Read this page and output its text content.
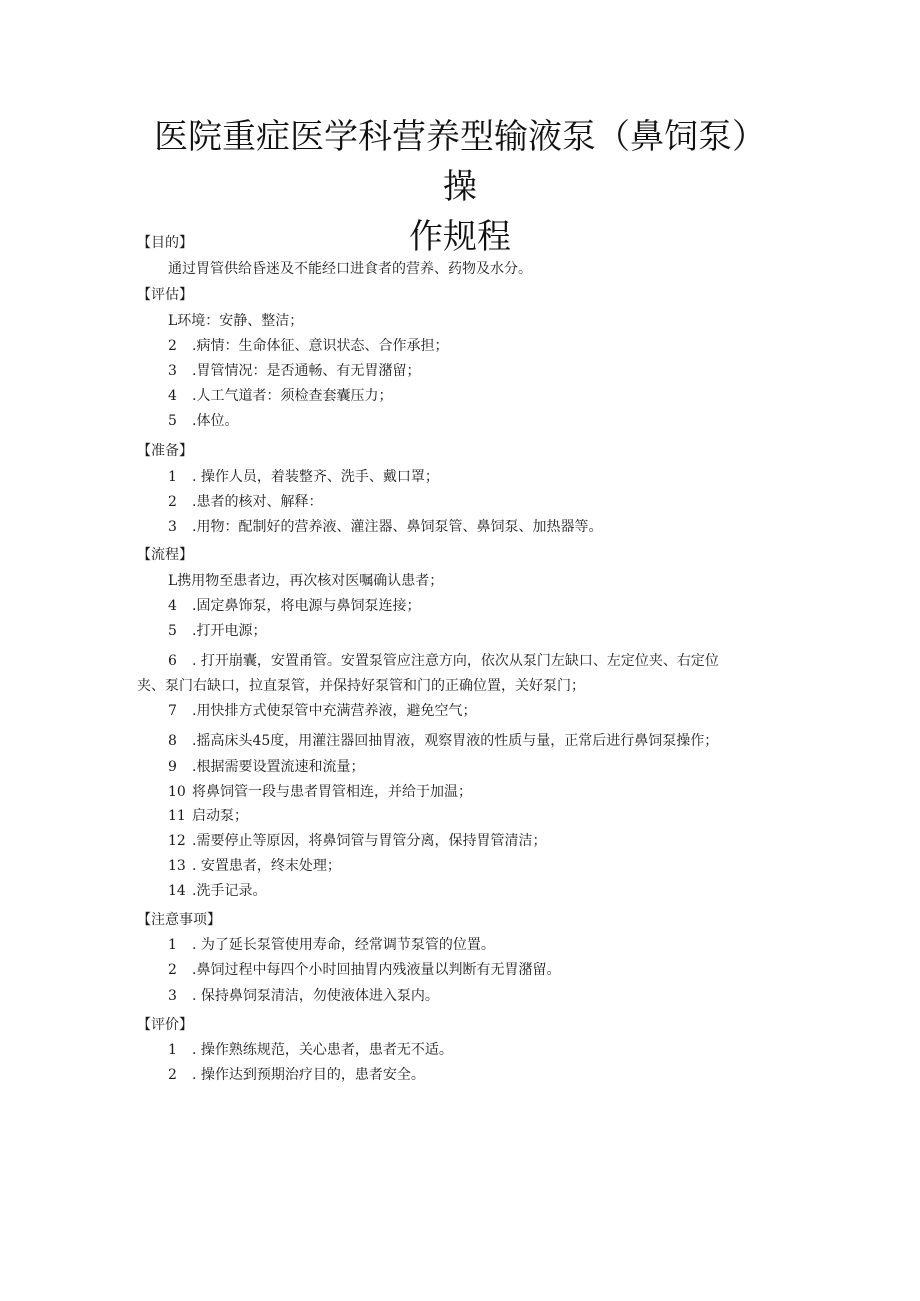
医院重症医学科营养型输液泵（鼻饲泵）操
作规程
【目的】
通过胃管供给昏迷及不能经口进食者的营养、药物及水分。
【评估】
L环境：安静、整洁；
2 .病情：生命体征、意识状态、合作承担；
3 .胃管情况：是否通畅、有无胃潴留；
4 .人工气道者：须检查套囊压力；
5 .体位。
【准备】
1 . 操作人员，着装整齐、洗手、戴口罩；
2 .患者的核对、解释：
3 .用物：配制好的营养液、灌注器、鼻饲泵管、鼻饲泵、加热器等。
【流程】
L携用物至患者边，再次核对医嘱确认患者；
4 .固定鼻饰泵，将电源与鼻饲泵连接；
5 .打开电源；
6 . 打开崩囊，安置甬管。安置泵管应注意方向，依次从泵门左缺口、左定位夹、右定位
夹、泵门右缺口，拉直泵管，并保持好泵管和门的正确位置，关好泵门；
7 .用快排方式使泵管中充满营养液，避免空气；
8 .摇高床头45度，用灌注器回抽胃液，观察胃液的性质与量，正常后进行鼻饲泵操作；
9 .根据需要设置流速和流量；
10 将鼻饲管一段与患者胃管相连，并给于加温；
11 启动泵；
12 .需要停止等原因，将鼻饲管与胃管分离，保持胃管清洁；
13 . 安置患者，终末处理；
14 .洗手记录。
【注意事项】
1 . 为了延长泵管使用寿命，经常调节泵管的位置。
2 .鼻饲过程中每四个小时回抽胃内残液量以判断有无胃潴留。
3 . 保持鼻饲泵清洁，勿使液体进入泵内。
【评价】
1 . 操作熟练规范，关心患者，患者无不适。
2 . 操作达到预期治疗目的，患者安全。
